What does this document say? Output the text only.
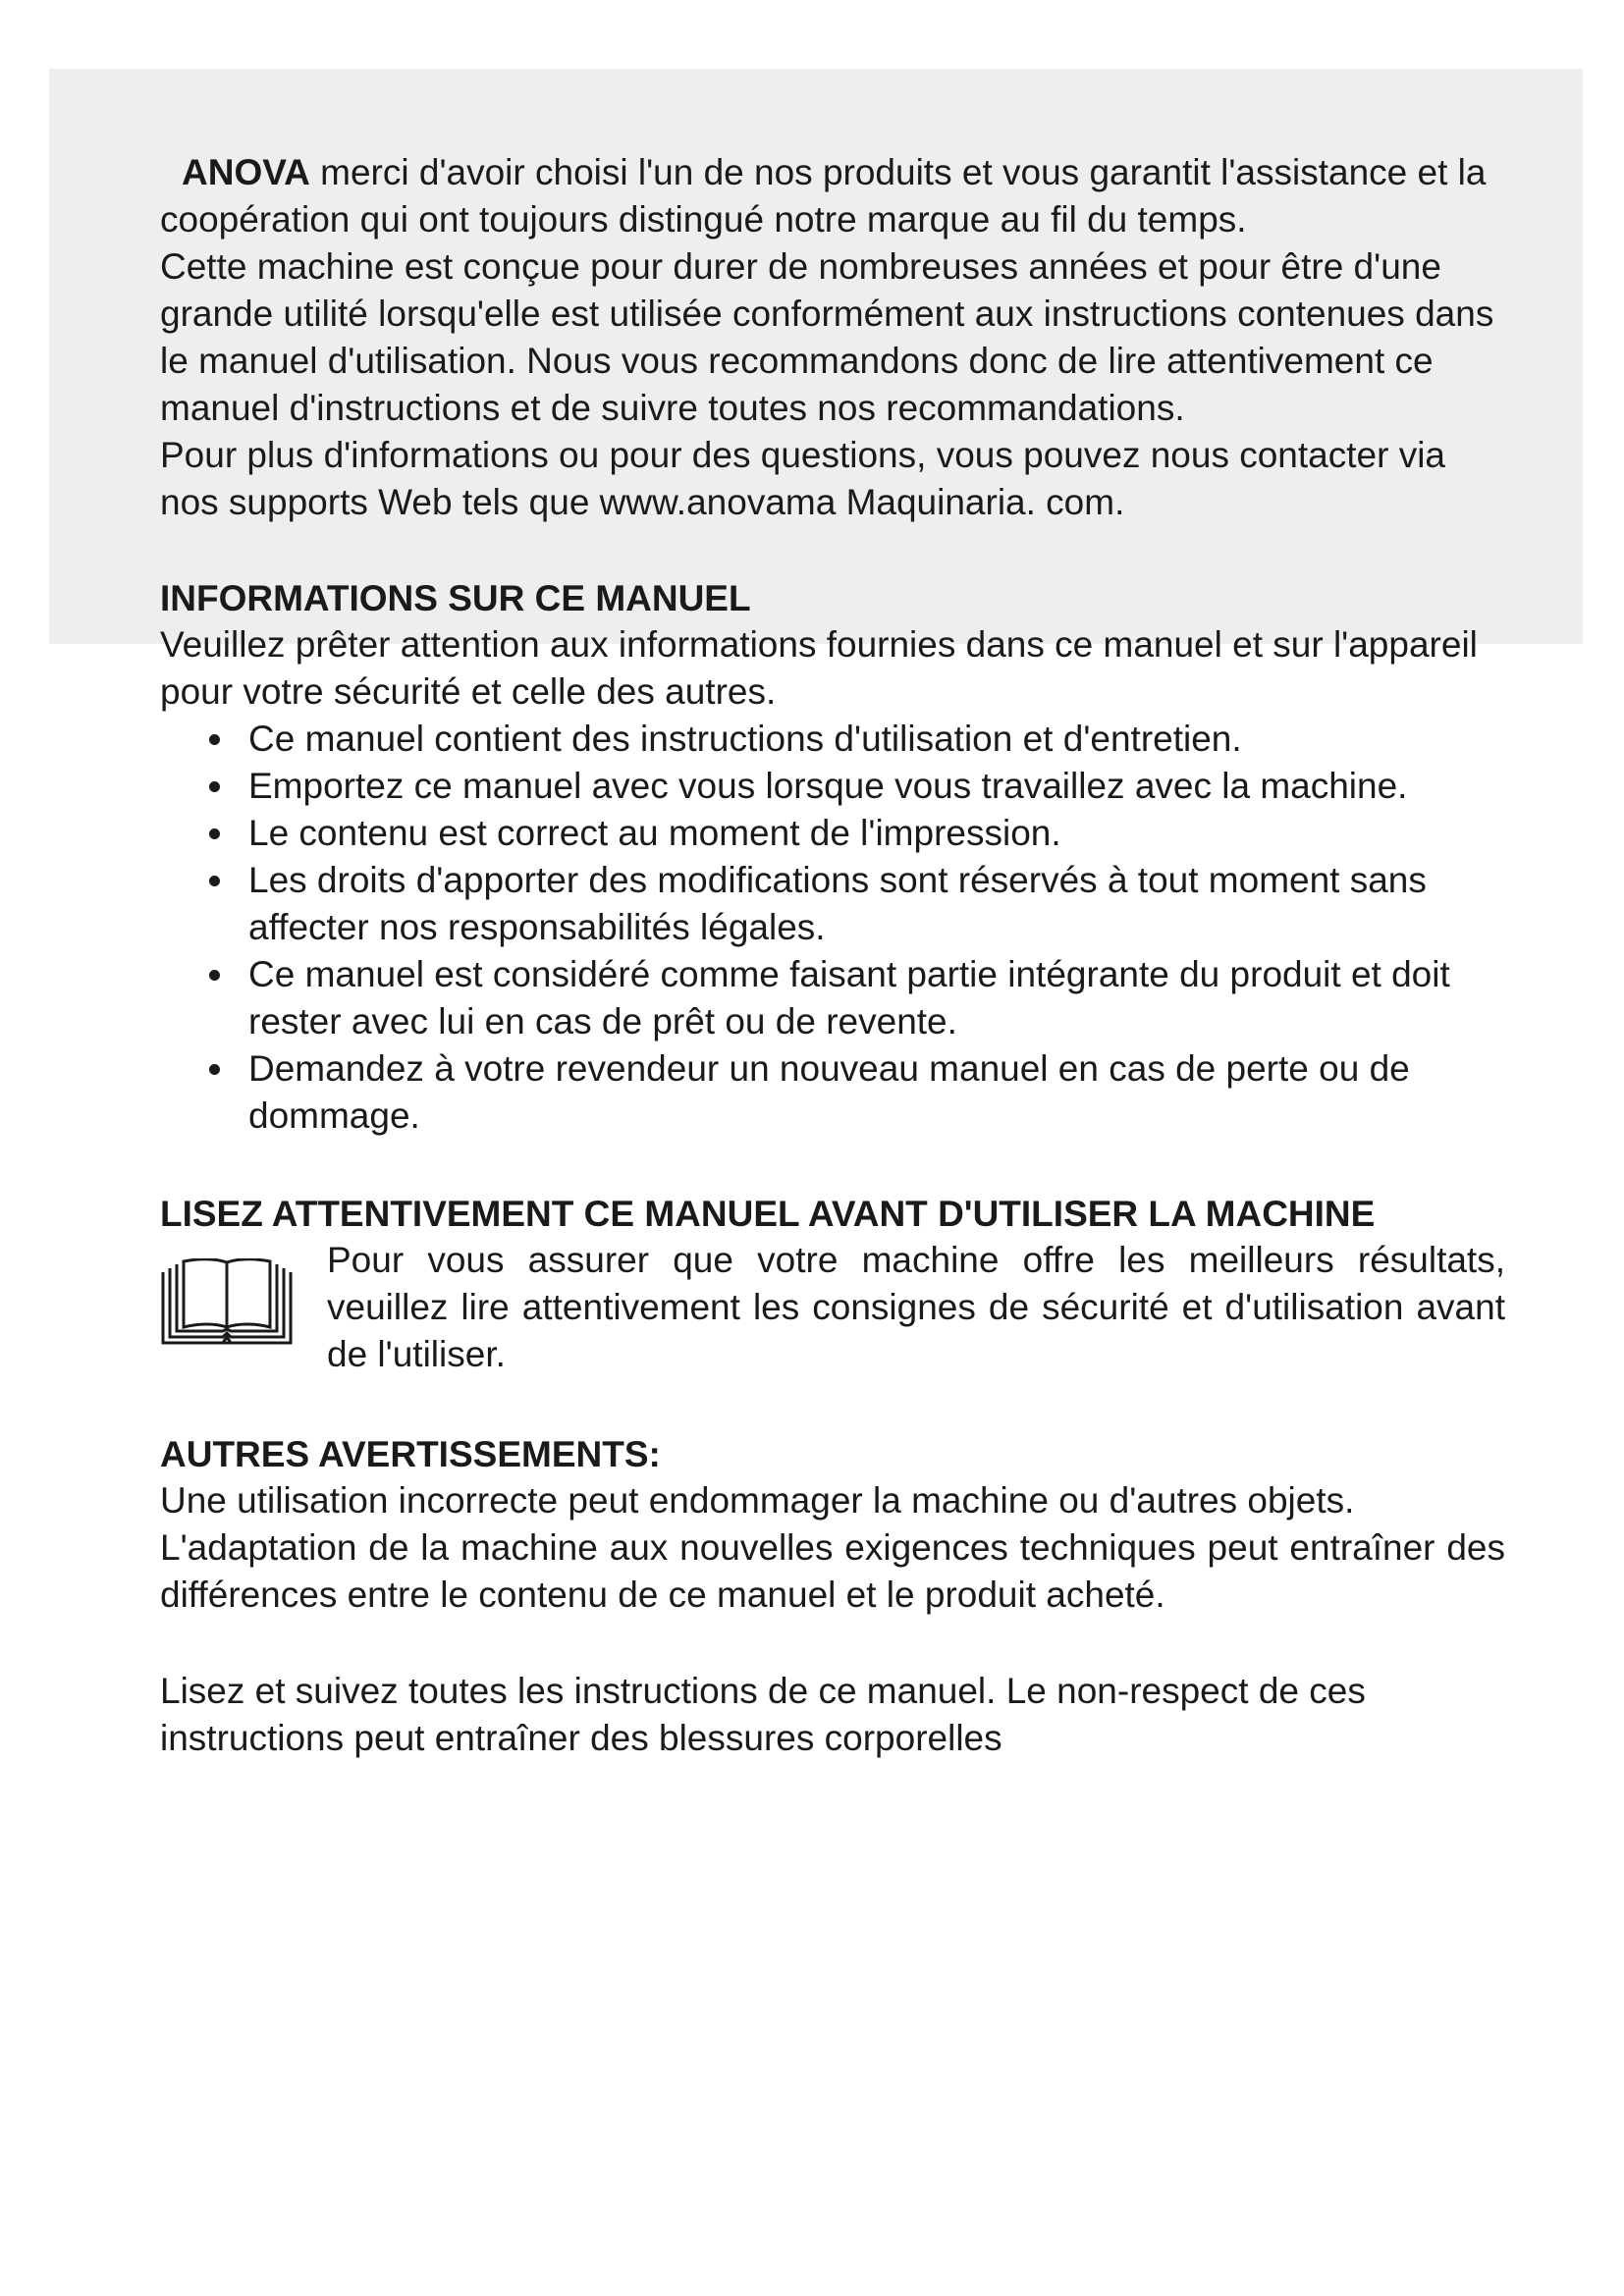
ANOVA merci d'avoir choisi l'un de nos produits et vous garantit l'assistance et la coopération qui ont toujours distingué notre marque au fil du temps.

Cette machine est conçue pour durer de nombreuses années et pour être d'une grande utilité lorsqu'elle est utilisée conformément aux instructions contenues dans le manuel d'utilisation. Nous vous recommandons donc de lire attentivement ce manuel d'instructions et de suivre toutes nos recommandations.

Pour plus d'informations ou pour des questions, vous pouvez nous contacter via nos supports Web tels que www.anovama Maquinaria. com.

INFORMATIONS SUR CE MANUEL

Veuillez prêter attention aux informations fournies dans ce manuel et sur l'appareil pour votre sécurité et celle des autres.

Ce manuel contient des instructions d'utilisation et d'entretien.
Emportez ce manuel avec vous lorsque vous travaillez avec la machine.
Le contenu est correct au moment de l'impression.
Les droits d'apporter des modifications sont réservés à tout moment sans affecter nos responsabilités légales.
Ce manuel est considéré comme faisant partie intégrante du produit et doit rester avec lui en cas de prêt ou de revente.
Demandez à votre revendeur un nouveau manuel en cas de perte ou de dommage.
LISEZ ATTENTIVEMENT CE MANUEL AVANT D'UTILISER LA MACHINE

Pour vous assurer que votre machine offre les meilleurs résultats, veuillez lire attentivement les consignes de sécurité et d'utilisation avant de l'utiliser.

AUTRES AVERTISSEMENTS:

Une utilisation incorrecte peut endommager la machine ou d'autres objets.

L'adaptation de la machine aux nouvelles exigences techniques peut entraîner des différences entre le contenu de ce manuel et le produit acheté.

Lisez et suivez toutes les instructions de ce manuel. Le non-respect de ces instructions peut entraîner des blessures corporelles
